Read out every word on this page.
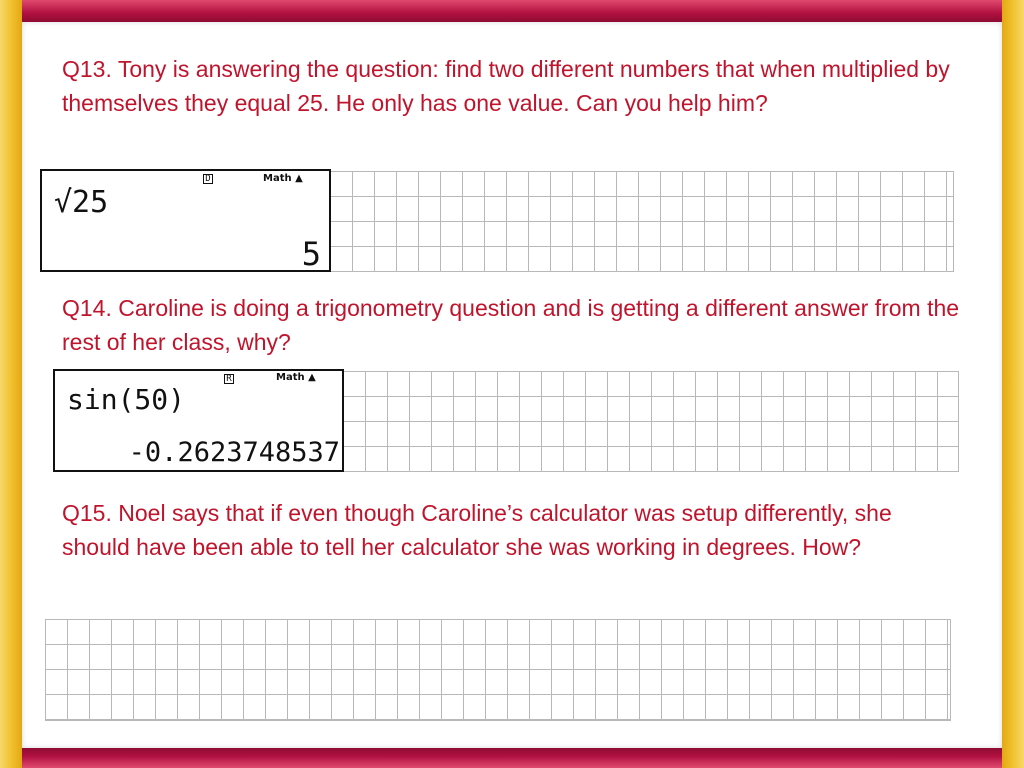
Q13. Tony is answering the question: find two different numbers that when multiplied by themselves they equal 25. He only has one value. Can you help him?
D	Math ▲
√25
5
Q14. Caroline is doing a trigonometry question and is getting a different answer from the rest of her class, why?
R	Math ▲
sin(50)
-0.2623748537
Q15. Noel says that if even though Caroline’s calculator was setup differently, she should have been able to tell her calculator she was working in degrees. How?
